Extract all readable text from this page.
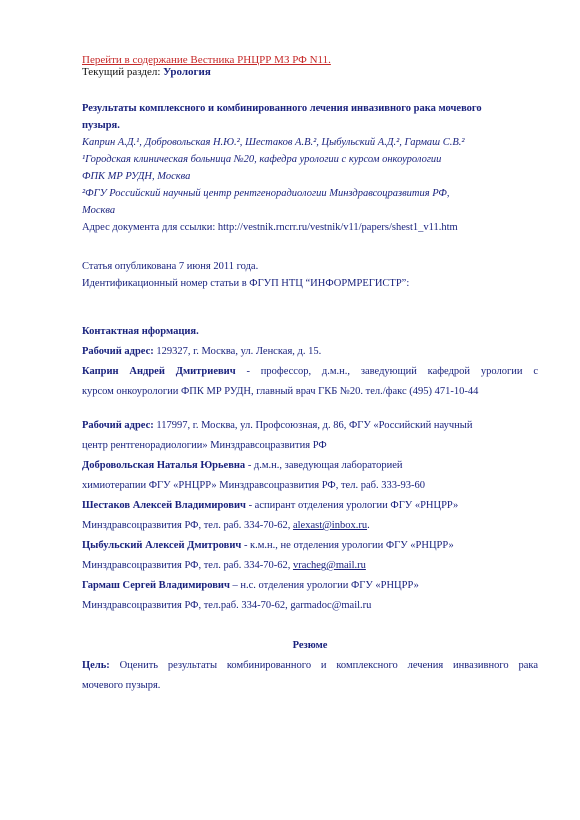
Перейти в содержание Вестника РНЦРР МЗ РФ N11.
Текущий раздел: Урология
Результаты комплексного и комбинированного лечения инвазивного рака мочевого
пузыря.
Каприн А.Д.¹, Добровольская Н.Ю.², Шестаков А.В.², Цыбульский А.Д.², Гармаш С.В.²
¹Городская клиническая больница №20, кафедра урологии с курсом онкоурологии
ФПК МР РУДН, Москва
²ФГУ Российский научный центр рентгенорадиологии Минздравсоцразвития РФ,
Москва
Адрес документа для ссылки: http://vestnik.rncrr.ru/vestnik/v11/papers/shest1_v11.htm
Статья опубликована 7 июня 2011 года.
Идентификационный номер статьи в ФГУП НТЦ “ИНФОРМРЕГИСТР”:
Контактная нформация.
Рабочий адрес: 129327, г. Москва, ул. Ленская, д. 15.
Каприн Андрей Дмитриевич - профессор, д.м.н., заведующий кафедрой урологии с
курсом онкоурологии ФПК МР РУДН, главный врач ГКБ №20. тел./факс (495) 471-10-44
Рабочий адрес: 117997, г. Москва, ул. Профсоюзная, д. 86, ФГУ «Российский научный
центр рентгенорадиологии» Минздравсоцразвития РФ
Добровольская Наталья Юрьевна - д.м.н., заведующая лабораторией
химиотерапии ФГУ «РНЦРР» Минздравсоцразвития РФ, тел. раб. 333-93-60
Шестаков Алексей Владимирович - аспирант отделения урологии ФГУ «РНЦРР»
Минздравсоцразвития РФ, тел. раб. 334-70-62, alexast@inbox.ru.
Цыбульский Алексей Дмитрович - к.м.н., не отделения урологии ФГУ «РНЦРР»
Минздравсоцразвития РФ, тел. раб. 334-70-62, vracheg@mail.ru
Гармаш Сергей Владимирович – н.с. отделения урологии ФГУ «РНЦРР»
Минздравсоцразвития РФ, тел.раб. 334-70-62, garmadoc@mail.ru
Резюме
Цель: Оценить результаты комбинированного и комплексного лечения инвазивного рака
мочевого пузыря.
